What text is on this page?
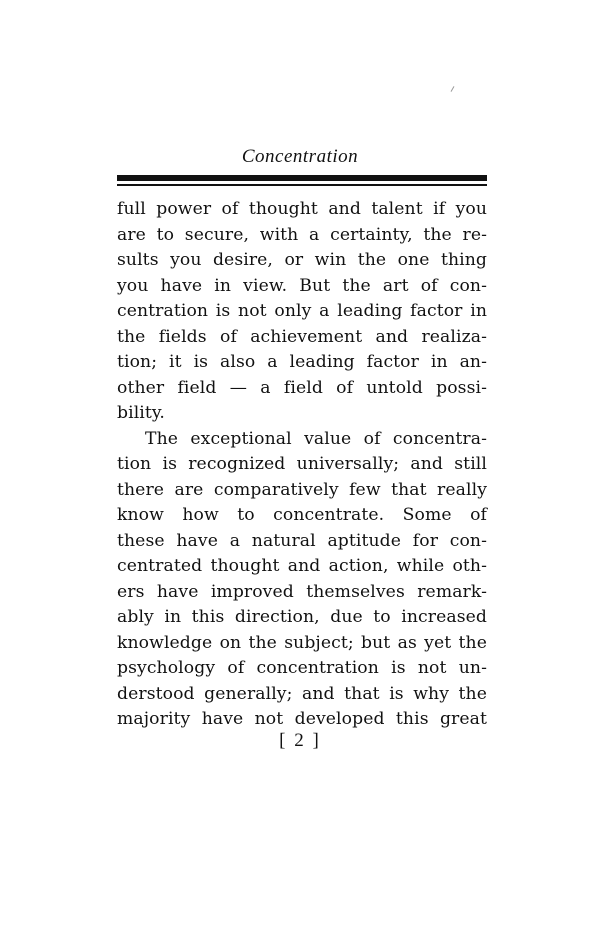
Concentration
full power of thought and talent if you
are to secure, with a certainty, the re-
sults you desire, or win the one thing
you have in view. But the art of con-
centration is not only a leading factor in
the fields of achievement and realiza-
tion; it is also a leading factor in an-
other field — a field of untold possi-
bility.
The exceptional value of concentra-
tion is recognized universally; and still
there are comparatively few that really
know how to concentrate. Some of
these have a natural aptitude for con-
centrated thought and action, while oth-
ers have improved themselves remark-
ably in this direction, due to increased
knowledge on the subject; but as yet the
psychology of concentration is not un-
derstood generally; and that is why the
majority have not developed this great
[ 2 ]
